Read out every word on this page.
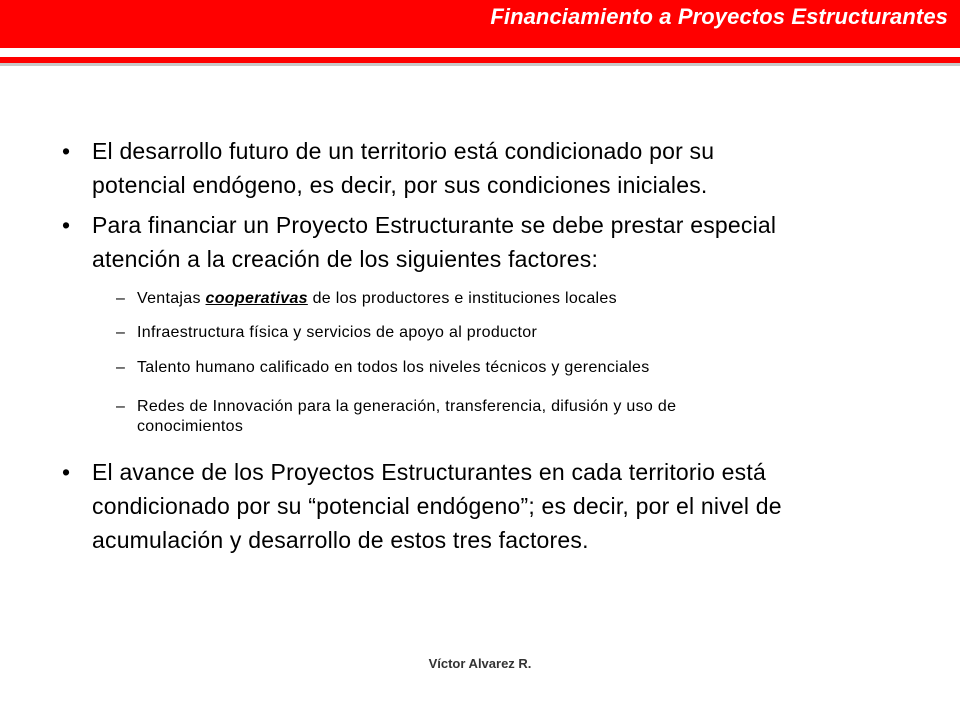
Financiamiento a Proyectos Estructurantes
• El desarrollo futuro de un territorio está condicionado por su
potencial endógeno, es decir, por sus condiciones iniciales.
• Para financiar un Proyecto Estructurante se debe prestar especial
atención a la creación de los siguientes factores:
– Ventajas cooperativas de los productores e instituciones locales
– Infraestructura física y servicios de apoyo al productor
– Talento humano calificado en todos los niveles técnicos y gerenciales
– Redes de Innovación para la generación, transferencia, difusión y uso de
conocimientos
• El avance de los Proyectos Estructurantes en cada territorio está
condicionado por su “potencial endógeno”; es decir, por el nivel de
acumulación y desarrollo de estos tres factores.
Víctor Alvarez R.
